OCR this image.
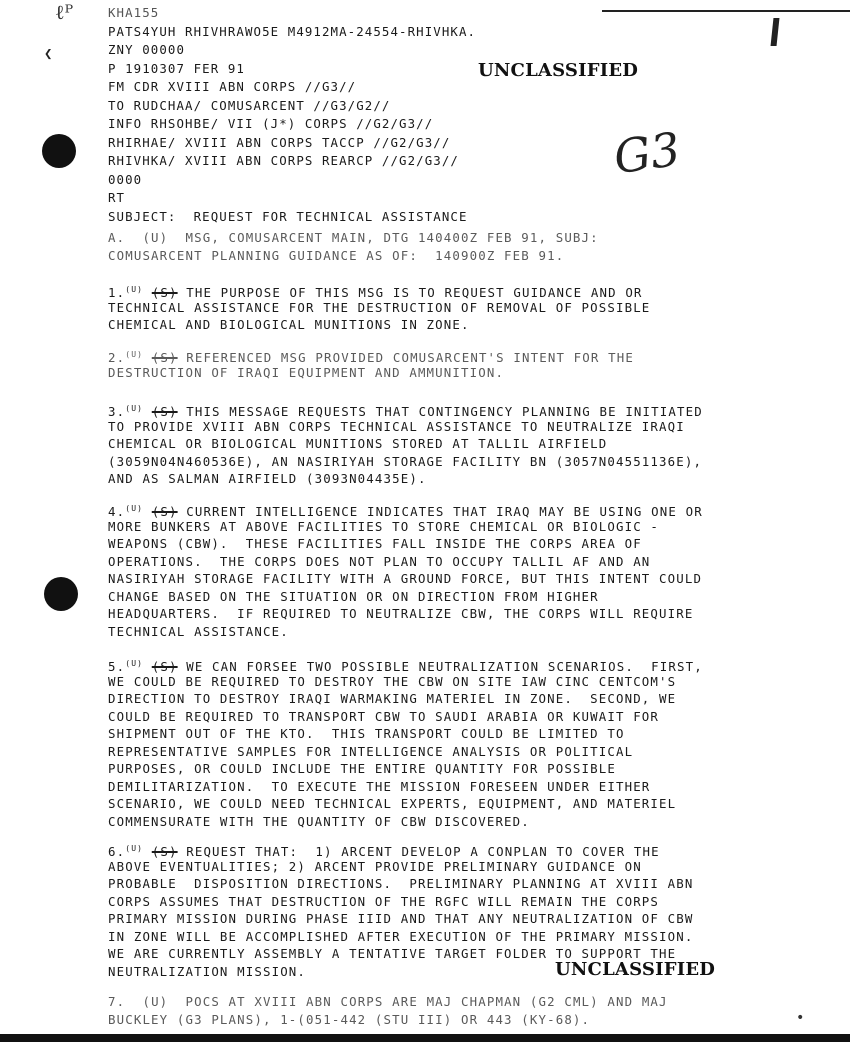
ℓᴾ
❮
•
UNCLASSIFIED
UNCLASSIFIED
G3
KHA155
PATS4YUH RHIVHRAWO5E M4912MA-24554-RHIVHKA.
ZNY 00000
P 1910307 FER 91
FM CDR XVIII ABN CORPS //G3//
TO RUDCHAA/ COMUSARCENT //G3/G2//
INFO RHSOHBE/ VII (J*) CORPS //G2/G3//
RHIRHAE/ XVIII ABN CORPS TACCP //G2/G3//
RHIVHKA/ XVIII ABN CORPS REARCP //G2/G3//
0000
RT
SUBJECT:  REQUEST FOR TECHNICAL ASSISTANCE
A.  (U)  MSG, COMUSARCENT MAIN, DTG 140400Z FEB 91, SUBJ:
COMUSARCENT PLANNING GUIDANCE AS OF:  140900Z FEB 91.
1.$^{(U)}$ (S) THE PURPOSE OF THIS MSG IS TO REQUEST GUIDANCE AND OR
TECHNICAL ASSISTANCE FOR THE DESTRUCTION OF REMOVAL OF POSSIBLE
CHEMICAL AND BIOLOGICAL MUNITIONS IN ZONE.
2.$^{(U)}$ (S) REFERENCED MSG PROVIDED COMUSARCENT'S INTENT FOR THE
DESTRUCTION OF IRAQI EQUIPMENT AND AMMUNITION.
3.$^{(U)}$ (S) THIS MESSAGE REQUESTS THAT CONTINGENCY PLANNING BE INITIATED
TO PROVIDE XVIII ABN CORPS TECHNICAL ASSISTANCE TO NEUTRALIZE IRAQI
CHEMICAL OR BIOLOGICAL MUNITIONS STORED AT TALLIL AIRFIELD
(3059N04N460536E), AN NASIRIYAH STORAGE FACILITY BN (3057N04551136E),
AND AS SALMAN AIRFIELD (3093N04435E).
4.$^{(U)}$ (S) CURRENT INTELLIGENCE INDICATES THAT IRAQ MAY BE USING ONE OR
MORE BUNKERS AT ABOVE FACILITIES TO STORE CHEMICAL OR BIOLOGIC -
WEAPONS (CBW).  THESE FACILITIES FALL INSIDE THE CORPS AREA OF
OPERATIONS.  THE CORPS DOES NOT PLAN TO OCCUPY TALLIL AF AND AN
NASIRIYAH STORAGE FACILITY WITH A GROUND FORCE, BUT THIS INTENT COULD
CHANGE BASED ON THE SITUATION OR ON DIRECTION FROM HIGHER
HEADQUARTERS.  IF REQUIRED TO NEUTRALIZE CBW, THE CORPS WILL REQUIRE
TECHNICAL ASSISTANCE.
5.$^{(U)}$ (S) WE CAN FORSEE TWO POSSIBLE NEUTRALIZATION SCENARIOS.  FIRST,
WE COULD BE REQUIRED TO DESTROY THE CBW ON SITE IAW CINC CENTCOM'S
DIRECTION TO DESTROY IRAQI WARMAKING MATERIEL IN ZONE.  SECOND, WE
COULD BE REQUIRED TO TRANSPORT CBW TO SAUDI ARABIA OR KUWAIT FOR
SHIPMENT OUT OF THE KTO.  THIS TRANSPORT COULD BE LIMITED TO
REPRESENTATIVE SAMPLES FOR INTELLIGENCE ANALYSIS OR POLITICAL
PURPOSES, OR COULD INCLUDE THE ENTIRE QUANTITY FOR POSSIBLE
DEMILITARIZATION.  TO EXECUTE THE MISSION FORESEEN UNDER EITHER
SCENARIO, WE COULD NEED TECHNICAL EXPERTS, EQUIPMENT, AND MATERIEL
COMMENSURATE WITH THE QUANTITY OF CBW DISCOVERED.
6.$^{(U)}$ (S) REQUEST THAT:  1) ARCENT DEVELOP A CONPLAN TO COVER THE
ABOVE EVENTUALITIES; 2) ARCENT PROVIDE PRELIMINARY GUIDANCE ON
PROBABLE  DISPOSITION DIRECTIONS.  PRELIMINARY PLANNING AT XVIII ABN
CORPS ASSUMES THAT DESTRUCTION OF THE RGFC WILL REMAIN THE CORPS
PRIMARY MISSION DURING PHASE IIID AND THAT ANY NEUTRALIZATION OF CBW
IN ZONE WILL BE ACCOMPLISHED AFTER EXECUTION OF THE PRIMARY MISSION.
WE ARE CURRENTLY ASSEMBLY A TENTATIVE TARGET FOLDER TO SUPPORT THE
NEUTRALIZATION MISSION.
7.  (U)  POCS AT XVIII ABN CORPS ARE MAJ CHAPMAN (G2 CML) AND MAJ
BUCKLEY (G3 PLANS), 1-(051-442 (STU III) OR 443 (KY-68).
